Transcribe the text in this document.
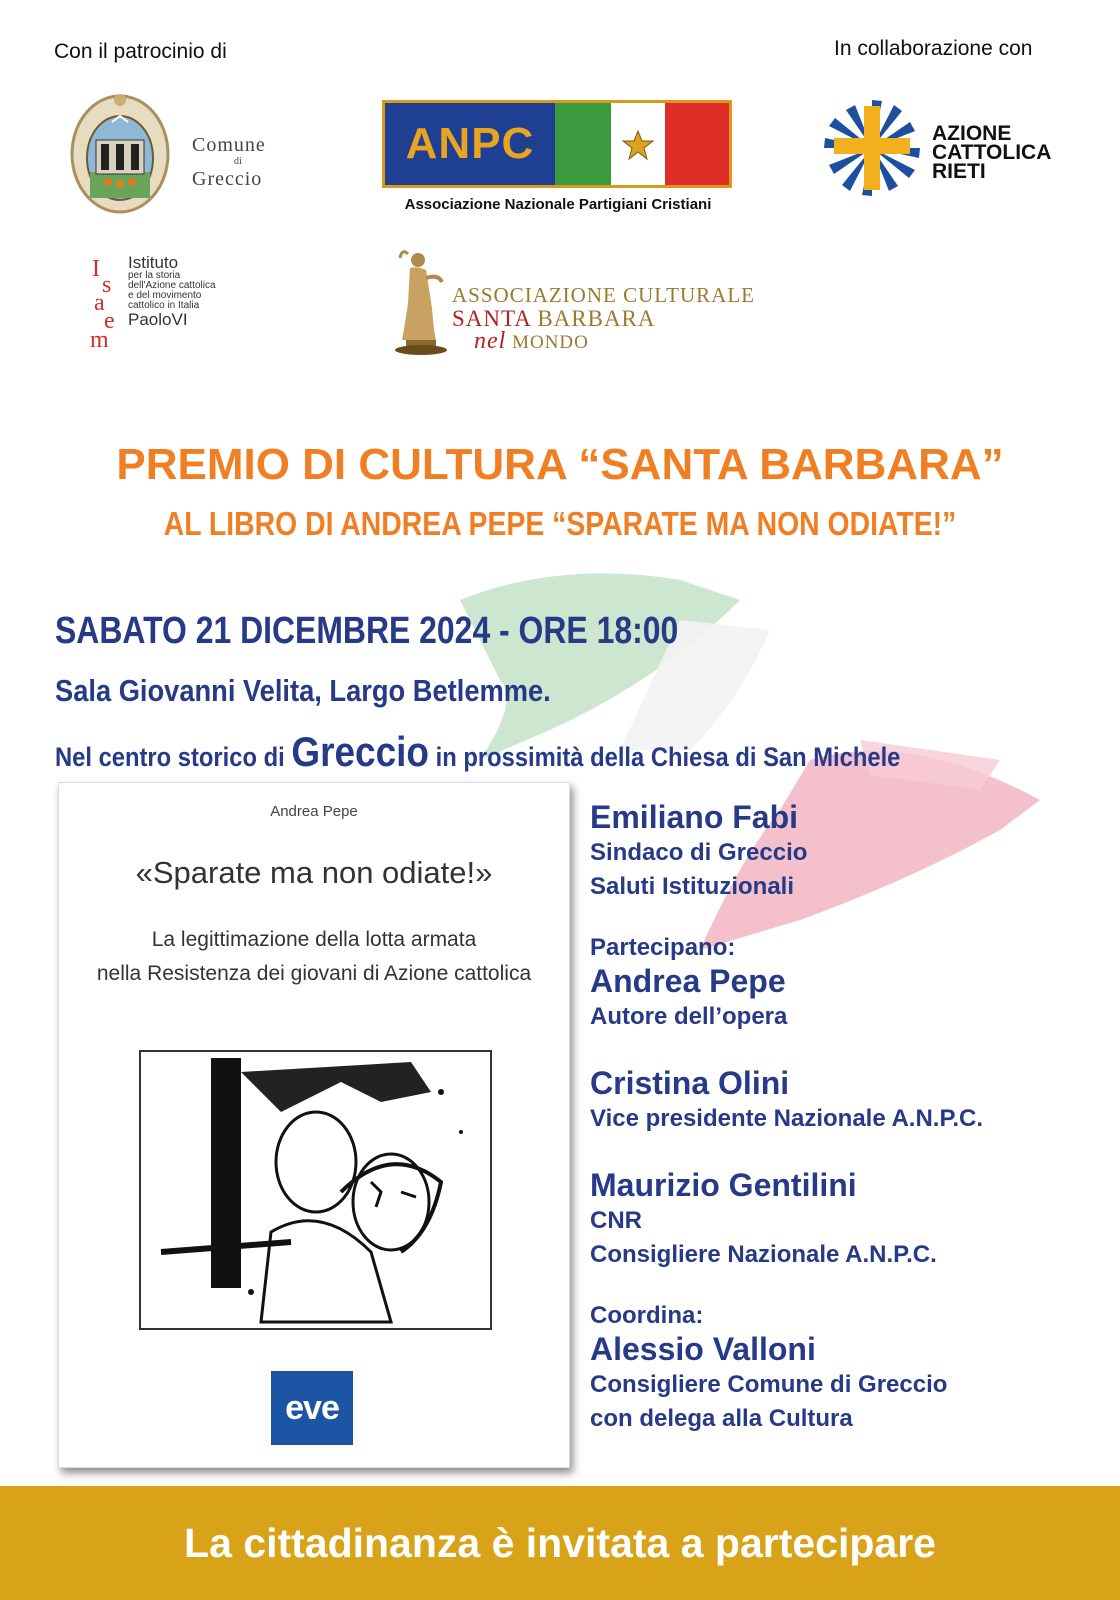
Con il patrocinio di	In collaborazione con
Comune
di
Greccio
ANPC
Associazione Nazionale Partigiani Cristiani
AZIONE
CATTOLICA
RIETI
I
s
a
e
m
Istituto
per la storia
dell'Azione cattolica
e del movimento
cattolico in Italia
PaoloVI
ASSOCIAZIONE CULTURALE
SANTA BARBARA
nel MONDO
PREMIO DI CULTURA “SANTA BARBARA”
AL LIBRO DI ANDREA PEPE “SPARATE MA NON ODIATE!”
SABATO 21 DICEMBRE 2024 - ORE 18:00
Sala Giovanni Velita, Largo Betlemme.
Nel centro storico di Greccio in prossimità della Chiesa di San Michele
Andrea Pepe
«Sparate ma non odiate!»
La legittimazione della lotta armata
nella Resistenza dei giovani di Azione cattolica
eve
Emiliano Fabi
Sindaco di Greccio
Saluti Istituzionali
Partecipano:
Andrea Pepe
Autore dell’opera
Cristina Olini
Vice presidente Nazionale A.N.P.C.
Maurizio Gentilini
CNR
Consigliere Nazionale A.N.P.C.
Coordina:
Alessio Valloni
Consigliere Comune di Greccio
con delega alla Cultura
La cittadinanza è invitata a partecipare
